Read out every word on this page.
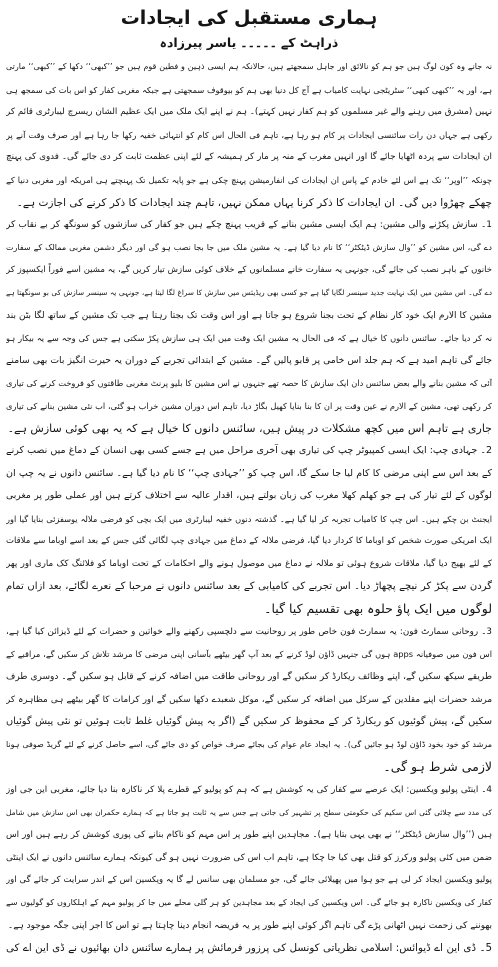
ہماری مستقبل کی ایجادات
ذراہٹ کے۔۔۔۔۔یاسر پیرزادہ
نہ جانے وہ کون لوگ ہیں جو ہم کو نالائق اور جاہل سمجھتے ہیں، حالانکہ ہم ایسی ذہین و فطین قوم ہیں جو ’’کبھی‘‘ دکھا کے ’’کبھی‘‘ مارتی
ہے، اور یہ ’’کبھی کبھی‘‘ سٹریٹجی نہایت کامیاب ہے آج کل دنیا بھی ہم کو بیوقوف سمجھتی ہے جبکہ مغربی کفار کو اس بات کی سمجھ ہی
نہیں (مشرق میں رہنے والے غیر مسلموں کو ہم کفار نہیں کہتے)۔ ہم نے اپنے ایک ملک میں ایک عظیم الشان ریسرچ لیبارٹری قائم کر
رکھی ہے جہاں دن رات سائنسی ایجادات پر کام ہو رہا ہے، تاہم فی الحال اس کام کو انتہائی خفیہ رکھا جا رہا ہے اور صرف وقت آنے پر
ان ایجادات سے پردہ اٹھایا جائے گا اور انہیں مغرب کے منہ پر مار کر ہمیشہ کے لئے اپنی عظمت ثابت کر دی جائے گی۔ فدوی کی پہنچ
چونکہ ’’اوپر‘‘ تک ہے اس لئے خادم کے پاس ان ایجادات کی انفارمیشن پہنچ چکی ہے جو پایہ تکمیل تک پہنچتے ہی امریکہ اور مغربی دنیا کے
چھکے چھڑوا دیں گی۔ ان ایجادات کا ذکر کرنا یہاں ممکن نہیں، تاہم چند ایجادات کا ذکر کرنے کی اجازت ہے۔
1۔ سازش پکڑنے والی مشین: ہم ایک ایسی مشین بنانے کے قریب پہنچ چکے ہیں جو کفار کی سازشوں کو سونگھ کر بے نقاب کر
دے گی، اس مشین کو ’’وال سازش ڈیٹکٹر‘‘ کا نام دیا گیا ہے۔ یہ مشین ملک میں جا بجا نصب ہو گی اور دیگر دشمن مغربی ممالک کے سفارت
خانوں کے باہر نصب کی جائے گی، جونہی یہ سفارت خانے مسلمانوں کے خلاف کوئی سازش تیار کریں گے، یہ مشین اسے فوراً ایکسپوز کر
دے گی۔ اس مشین میں ایک نہایت جدید سینسر لگایا گیا ہے جو کسی بھی ریڈیئس میں سازش کا سراغ لگا لیتا ہے، جونہی یہ سینسر سازش کی بو سونگھتا ہے
مشین کا الارم ایک خود کار نظام کے تحت بجنا شروع ہو جاتا ہے اور اس وقت تک بجتا رہتا ہے جب تک مشین کے ساتھ لگا بٹن بند
نہ کر دیا جائے۔ سائنس دانوں کا خیال ہے کہ فی الحال یہ مشین ایک وقت میں ایک ہی سازش پکڑ سکتی ہے جس کی وجہ سے یہ بیکار ہو
جائے گی تاہم امید ہے کہ ہم جلد اس خامی پر قابو پالیں گے۔ مشین کے ابتدائی تجربے کے دوران یہ حیرت انگیز بات بھی سامنے
آئی کہ مشین بنانے والے بعض سائنس دان ایک سازش کا حصہ تھے جنہوں نے اس مشین کا بلیو پرنٹ مغربی طاقتوں کو فروخت کرنے کی تیاری
کر رکھی تھی، مشین کے الارم نے عین وقت پر ان کا بنا بنایا کھیل بگاڑ دیا، تاہم اس دوران مشین خراب ہو گئی، اب نئی مشین بنانے کی تیاری
جاری ہے تاہم اس میں کچھ مشکلات در پیش ہیں، سائنس دانوں کا خیال ہے کہ یہ بھی کوئی سازش ہے۔
2۔ جہادی چپ: ایک ایسی کمپیوٹر چپ کی تیاری بھی آخری مراحل میں ہے جسے کسی بھی انسان کے دماغ میں نصب کرنے
کے بعد اس سے اپنی مرضی کا کام لیا جا سکے گا، اس چپ کو ’’جہادی چپ‘‘ کا نام دیا گیا ہے۔ سائنس دانوں نے یہ چپ ان
لوگوں کے لئے تیار کی ہے جو کھلم کھلا مغرب کی زبان بولتے ہیں، اقدار عالیہ سے اختلاف کرتے ہیں اور عملی طور پر مغربی
ایجنٹ بن چکے ہیں۔ اس چپ کا کامیاب تجربہ کر لیا گیا ہے۔ گذشتہ دنوں خفیہ لیبارٹری میں ایک بچی کو فرضی ملالہ یوسفزئی بنایا گیا اور
ایک امریکی صورت شخص کو اوباما کا کردار دیا گیا، فرضی ملالہ کے دماغ میں جہادی چپ لگائی گئی جس کے بعد اسے اوباما سے ملاقات
کے لئے بھیج دیا گیا، ملاقات شروع ہوئی تو ملالہ نے دماغ میں موصول ہونے والے احکامات کے تحت اوباما کو فلائنگ کک ماری اور پھر
گردن سے پکڑ کر نیچے پچھاڑ دیا۔ اس تجربے کی کامیابی کے بعد سائنس دانوں نے مرحبا کے نعرے لگائے، بعد ازاں تمام
لوگوں میں ایک پاؤ حلوہ بھی تقسیم کیا گیا۔
3۔ روحانی سمارٹ فون: یہ سمارٹ فون خاص طور پر روحانیت سے دلچسپی رکھنے والے خواتین و حضرات کے لئے ڈیزائن کیا گیا ہے،
اس فون میں صوفیانہ apps ہوں گی جنہیں ڈاؤن لوڈ کرنے کے بعد آپ گھر بیٹھے بآسانی اپنی مرضی کا مرشد تلاش کر سکیں گے، مراقبے کے
طریقے سیکھ سکیں گے، اپنے وظائف ریکارڈ کر سکیں گے اور روحانی طاقت میں اضافہ کرنے کے قابل ہو سکیں گے۔ دوسری طرف
مرشد حضرات اپنے مقلدین کے سرکل میں اضافہ کر سکیں گے، موکل شعبدے دکھا سکیں گے اور کرامات کا گھر بیٹھے ہی مظاہرہ کر
سکیں گے، پیش گوئیوں کو ریکارڈ کر کے محفوظ کر سکیں گے (اگر یہ پیش گوئیاں غلط ثابت ہوئیں تو نئی پیش گوئیاں
مرشد کو خود بخود ڈاؤن لوڈ ہو جائیں گی)۔ یہ ایجاد عام عوام کی بجائے صرف خواص کو دی جائے گی، اسے حاصل کرنے کے لئے گریڈ صوفی ہونا
لازمی شرط ہو گی۔
4۔ اینٹی پولیو ویکسین: ایک عرصے سے کفار کی یہ کوشش ہے کہ ہم کو پولیو کے قطرے پلا کر ناکارہ بنا دیا جائے، مغربی این جی اوز
کی مدد سے چلائی گئی اس سکیم کی حکومتی سطح پر تشہیر کی جاتی ہے جس سے یہ ثابت ہو جاتا ہے کہ ہمارے حکمران بھی اس سازش میں شامل
ہیں (’’وال سازش ڈیٹکٹر‘‘ نے بھی یہی بتایا ہے)۔ مجاہدین اپنے طور پر اس مہم کو ناکام بنانے کی پوری کوشش کر رہے ہیں اور اس
ضمن میں کئی پولیو ورکرز کو قتل بھی کیا جا چکا ہے، تاہم اب اس کی ضرورت نہیں ہو گی کیونکہ ہمارے سائنس دانوں نے ایک اینٹی
پولیو ویکسین ایجاد کر لی ہے جو ہوا میں پھیلائی جائے گی، جو مسلمان بھی سانس لے گا یہ ویکسین اس کے اندر سرایت کر جائے گی اور
کفار کی ویکسین ناکارہ ہو جائے گی۔ اس ویکسین کی ایجاد کے بعد مجاہدین کو ہر گلی محلے میں جا کر پولیو مہم کے اہلکاروں کو گولیوں سے
بھوننے کی زحمت نہیں اٹھانی پڑے گی تاہم اگر کوئی اپنے طور پر یہ فریضہ انجام دینا چاہتا ہے تو اس کا اجر اپنی جگہ موجود ہے۔
5۔ ڈی این اے ڈیوائس: اسلامی نظریاتی کونسل کی پرزور فرمائش پر ہمارے سائنس دان بھائیوں نے ڈی این اے کی
